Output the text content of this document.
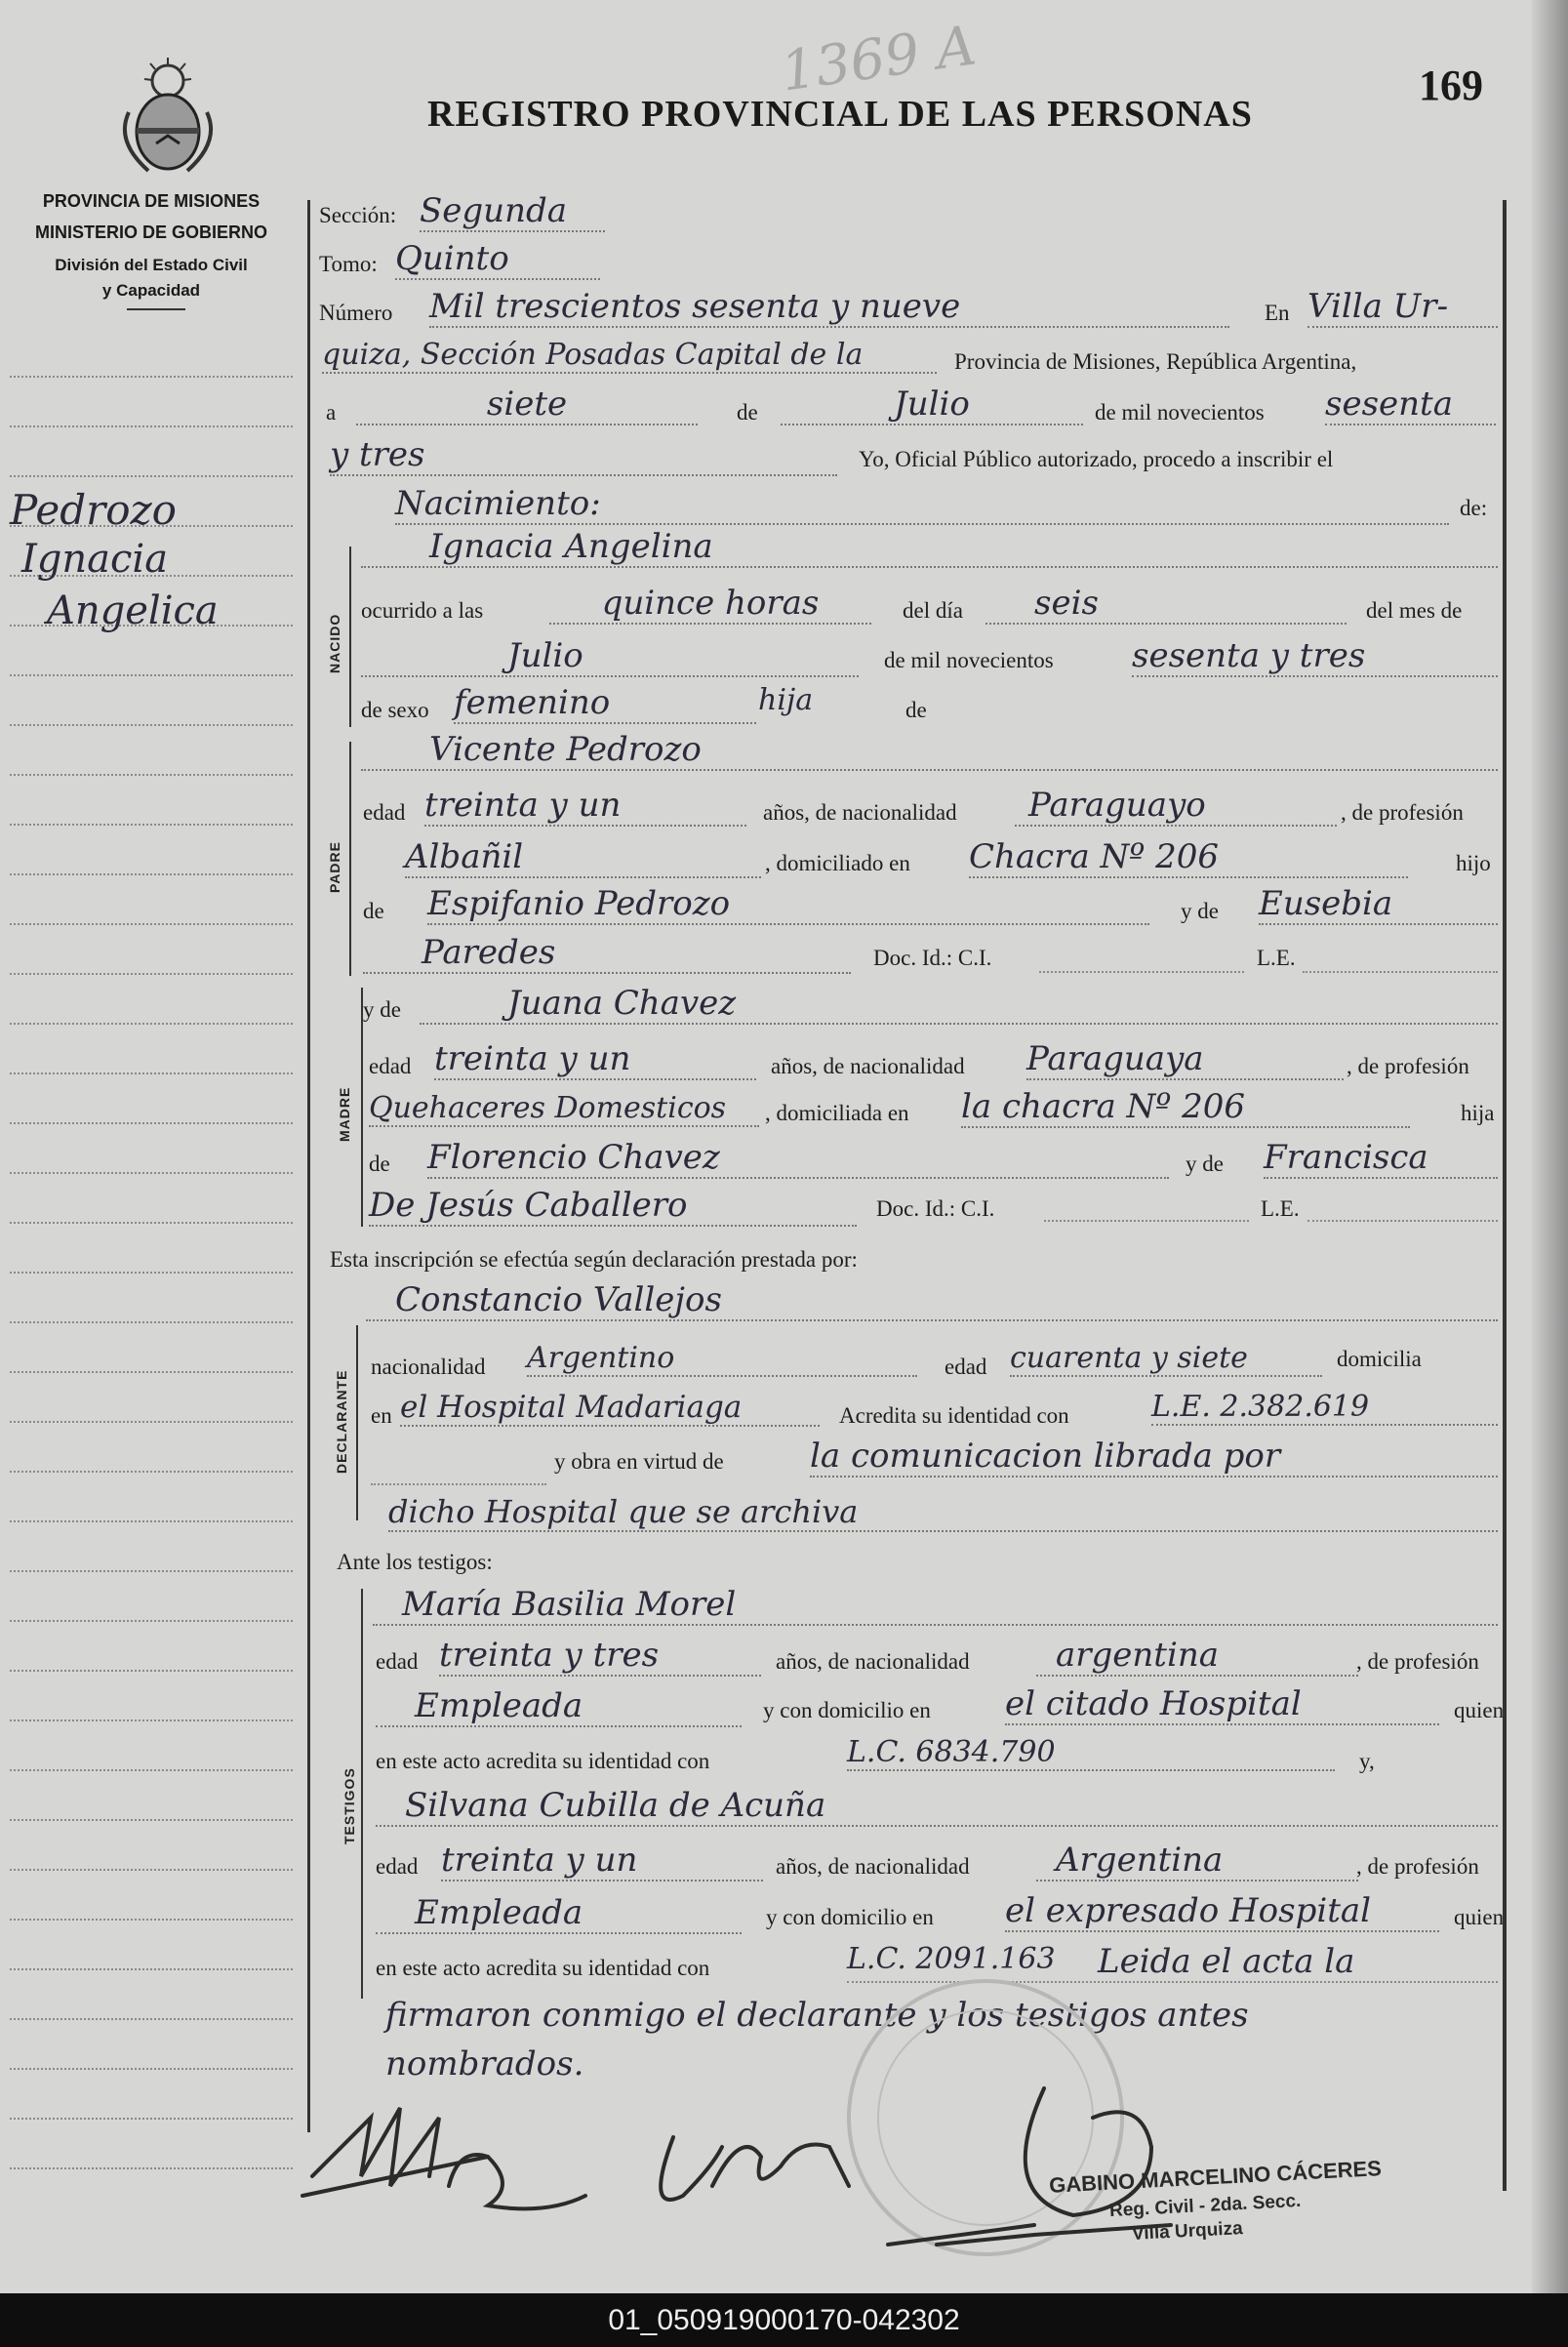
REGISTRO PROVINCIAL DE LAS PERSONAS
169
1369 A
PROVINCIA DE MISIONES
MINISTERIO DE GOBIERNO
División del Estado Civil
y Capacidad
Pedrozo
Ignacia
Angelica
Sección: Segunda
Tomo: Quinto
Número Mil trescientos sesenta y nueve	En Villa Ur-
quiza, Sección Posadas Capital de la	Provincia de Misiones, República Argentina,
a	siete	de	Julio	de mil novecientos sesenta
y tres	Yo, Oficial Público autorizado, procedo a inscribir el
Nacimiento:	de:
NACIDO
Ignacia Angelina
ocurrido a las	quince horas	del día	seis	del mes de
Julio	de mil novecientos sesenta y tres
de sexo femenino	hija	de
PADRE
Vicente Pedrozo
edad treinta y un	años, de nacionalidad	Paraguayo	, de profesión
Albañil	, domiciliado en Chacra Nº 206	hijo
de Espifanio Pedrozo	y de Eusebia
Paredes	Doc. Id.: C.I.	L.E.
MADRE
y de	Juana Chavez
edad treinta y un	años, de nacionalidad Paraguaya	, de profesión
Quehaceres Domesticos	, domiciliada en la chacra Nº 206	hija
de Florencio Chavez	y de Francisca
De Jesús Caballero	Doc. Id.: C.I.	L.E.
Esta inscripción se efectúa según declaración prestada por:
DECLARANTE
Constancio Vallejos
nacionalidad Argentino	edad cuarenta y siete	domicilia
en el Hospital Madariaga	Acredita su identidad con	L.E. 2.382.619
y obra en virtud de	la comunicacion librada por
dicho Hospital que se archiva
Ante los testigos:
TESTIGOS
María Basilia Morel
edad treinta y tres	años, de nacionalidad	argentina	, de profesión
Empleada	y con domicilio en el citado Hospital	quien
en este acto acredita su identidad con	L.C. 6834.790	y,
Silvana Cubilla de Acuña
edad treinta y un	años, de nacionalidad	Argentina	, de profesión
Empleada	y con domicilio en el expresado Hospital	quien
en este acto acredita su identidad con	L.C. 2091.163 Leida el acta la
firmaron conmigo el declarante y los testigos antes
nombrados.
GABINO MARCELINO CÁCERES
Reg. Civil - 2da. Secc.
Villa Urquiza
01_050919000170-042302
